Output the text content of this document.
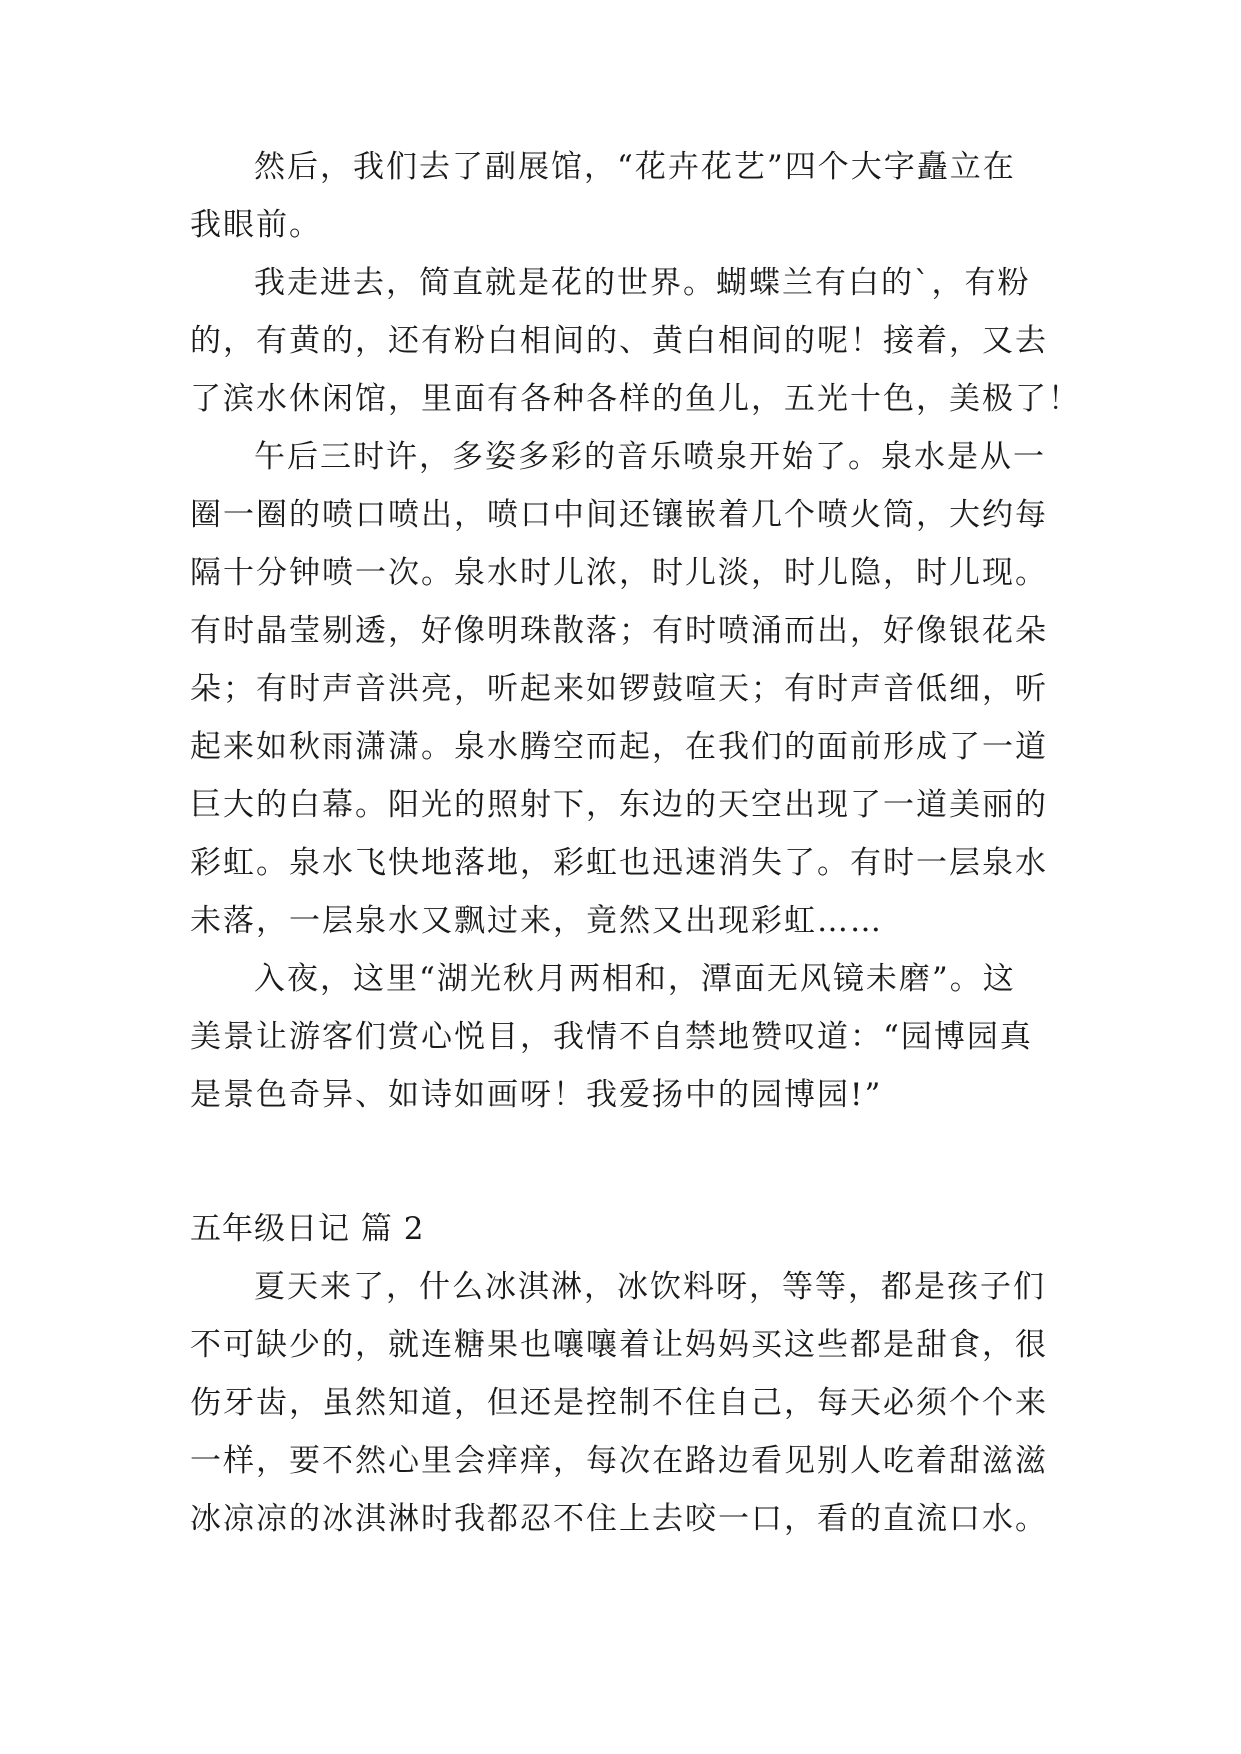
然后，我们去了副展馆，“花卉花艺”四个大字矗立在
我眼前。
我走进去，简直就是花的世界。蝴蝶兰有白的`，有粉
的，有黄的，还有粉白相间的、黄白相间的呢！接着，又去
了滨水休闲馆，里面有各种各样的鱼儿，五光十色，美极了！
午后三时许，多姿多彩的音乐喷泉开始了。泉水是从一
圈一圈的喷口喷出，喷口中间还镶嵌着几个喷火筒，大约每
隔十分钟喷一次。泉水时儿浓，时儿淡，时儿隐，时儿现。
有时晶莹剔透，好像明珠散落；有时喷涌而出，好像银花朵
朵；有时声音洪亮，听起来如锣鼓喧天；有时声音低细，听
起来如秋雨潇潇。泉水腾空而起，在我们的面前形成了一道
巨大的白幕。阳光的照射下，东边的天空出现了一道美丽的
彩虹。泉水飞快地落地，彩虹也迅速消失了。有时一层泉水
未落，一层泉水又飘过来，竟然又出现彩虹……
入夜，这里“湖光秋月两相和，潭面无风镜未磨”。这
美景让游客们赏心悦目，我情不自禁地赞叹道：“园博园真
是景色奇异、如诗如画呀！我爱扬中的园博园!”
五年级日记 篇 2
夏天来了，什么冰淇淋，冰饮料呀，等等，都是孩子们
不可缺少的，就连糖果也嚷嚷着让妈妈买这些都是甜食，很
伤牙齿，虽然知道，但还是控制不住自己，每天必须个个来
一样，要不然心里会痒痒，每次在路边看见别人吃着甜滋滋
冰凉凉的冰淇淋时我都忍不住上去咬一口，看的直流口水。
